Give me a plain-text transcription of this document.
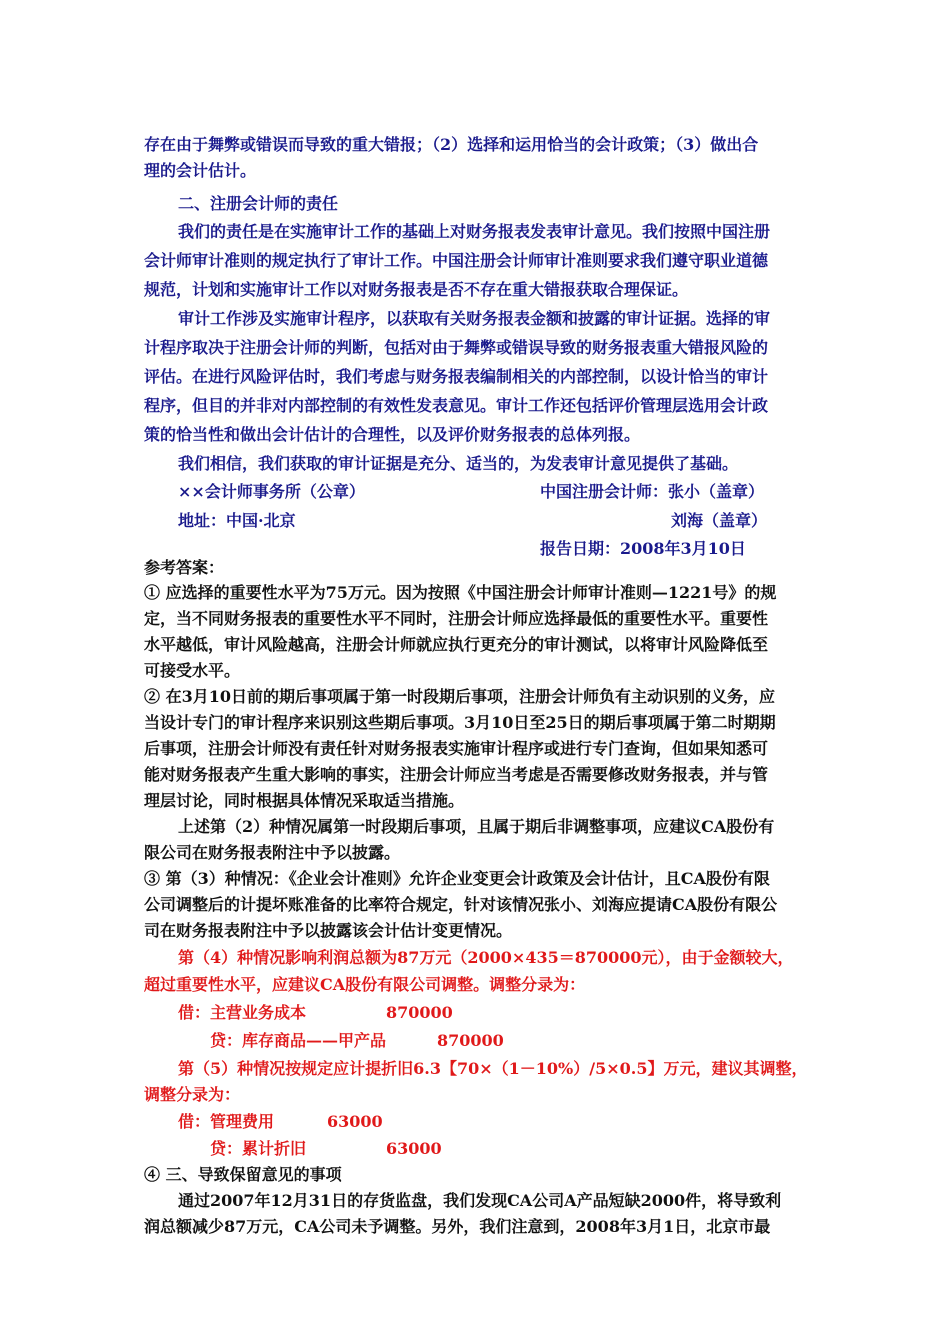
存在由于舞弊或错误而导致的重大错报；（2）选择和运用恰当的会计政策；（3）做出合
理的会计估计。
二、注册会计师的责任
我们的责任是在实施审计工作的基础上对财务报表发表审计意见。我们按照中国注册
会计师审计准则的规定执行了审计工作。中国注册会计师审计准则要求我们遵守职业道德
规范，计划和实施审计工作以对财务报表是否不存在重大错报获取合理保证。
审计工作涉及实施审计程序，以获取有关财务报表金额和披露的审计证据。选择的审
计程序取决于注册会计师的判断，包括对由于舞弊或错误导致的财务报表重大错报风险的
评估。在进行风险评估时，我们考虑与财务报表编制相关的内部控制，以设计恰当的审计
程序，但目的并非对内部控制的有效性发表意见。审计工作还包括评价管理层选用会计政
策的恰当性和做出会计估计的合理性，以及评价财务报表的总体列报。
我们相信，我们获取的审计证据是充分、适当的，为发表审计意见提供了基础。
××会计师事务所（公章）	中国注册会计师：张小（盖章）
地址：中国·北京	刘海（盖章）
报告日期：2008年3月10日
参考答案：
① 应选择的重要性水平为75万元。因为按照《中国注册会计师审计准则—1221号》的规
定，当不同财务报表的重要性水平不同时，注册会计师应选择最低的重要性水平。重要性
水平越低，审计风险越高，注册会计师就应执行更充分的审计测试，以将审计风险降低至
可接受水平。
② 在3月10日前的期后事项属于第一时段期后事项，注册会计师负有主动识别的义务，应
当设计专门的审计程序来识别这些期后事项。3月10日至25日的期后事项属于第二时期期
后事项，注册会计师没有责任针对财务报表实施审计程序或进行专门查询，但如果知悉可
能对财务报表产生重大影响的事实，注册会计师应当考虑是否需要修改财务报表，并与管
理层讨论，同时根据具体情况采取适当措施。
上述第（2）种情况属第一时段期后事项，且属于期后非调整事项，应建议CA股份有
限公司在财务报表附注中予以披露。
③ 第（3）种情况：《企业会计准则》允许企业变更会计政策及会计估计，且CA股份有限
公司调整后的计提坏账准备的比率符合规定，针对该情况张小、刘海应提请CA股份有限公
司在财务报表附注中予以披露该会计估计变更情况。
第（4）种情况影响利润总额为87万元（2000×435＝870000元），由于金额较大，
超过重要性水平，应建议CA股份有限公司调整。调整分录为：
借：主营业务成本	870000
贷：库存商品——甲产品	870000
第（5）种情况按规定应计提折旧6.3【70×（1－10%）/5×0.5】万元，建议其调整，
调整分录为：
借：管理费用	63000
贷：累计折旧	63000
④ 三、导致保留意见的事项
通过2007年12月31日的存货监盘，我们发现CA公司A产品短缺2000件，将导致利
润总额减少87万元，CA公司未予调整。另外，我们注意到，2008年3月1日，北京市最
